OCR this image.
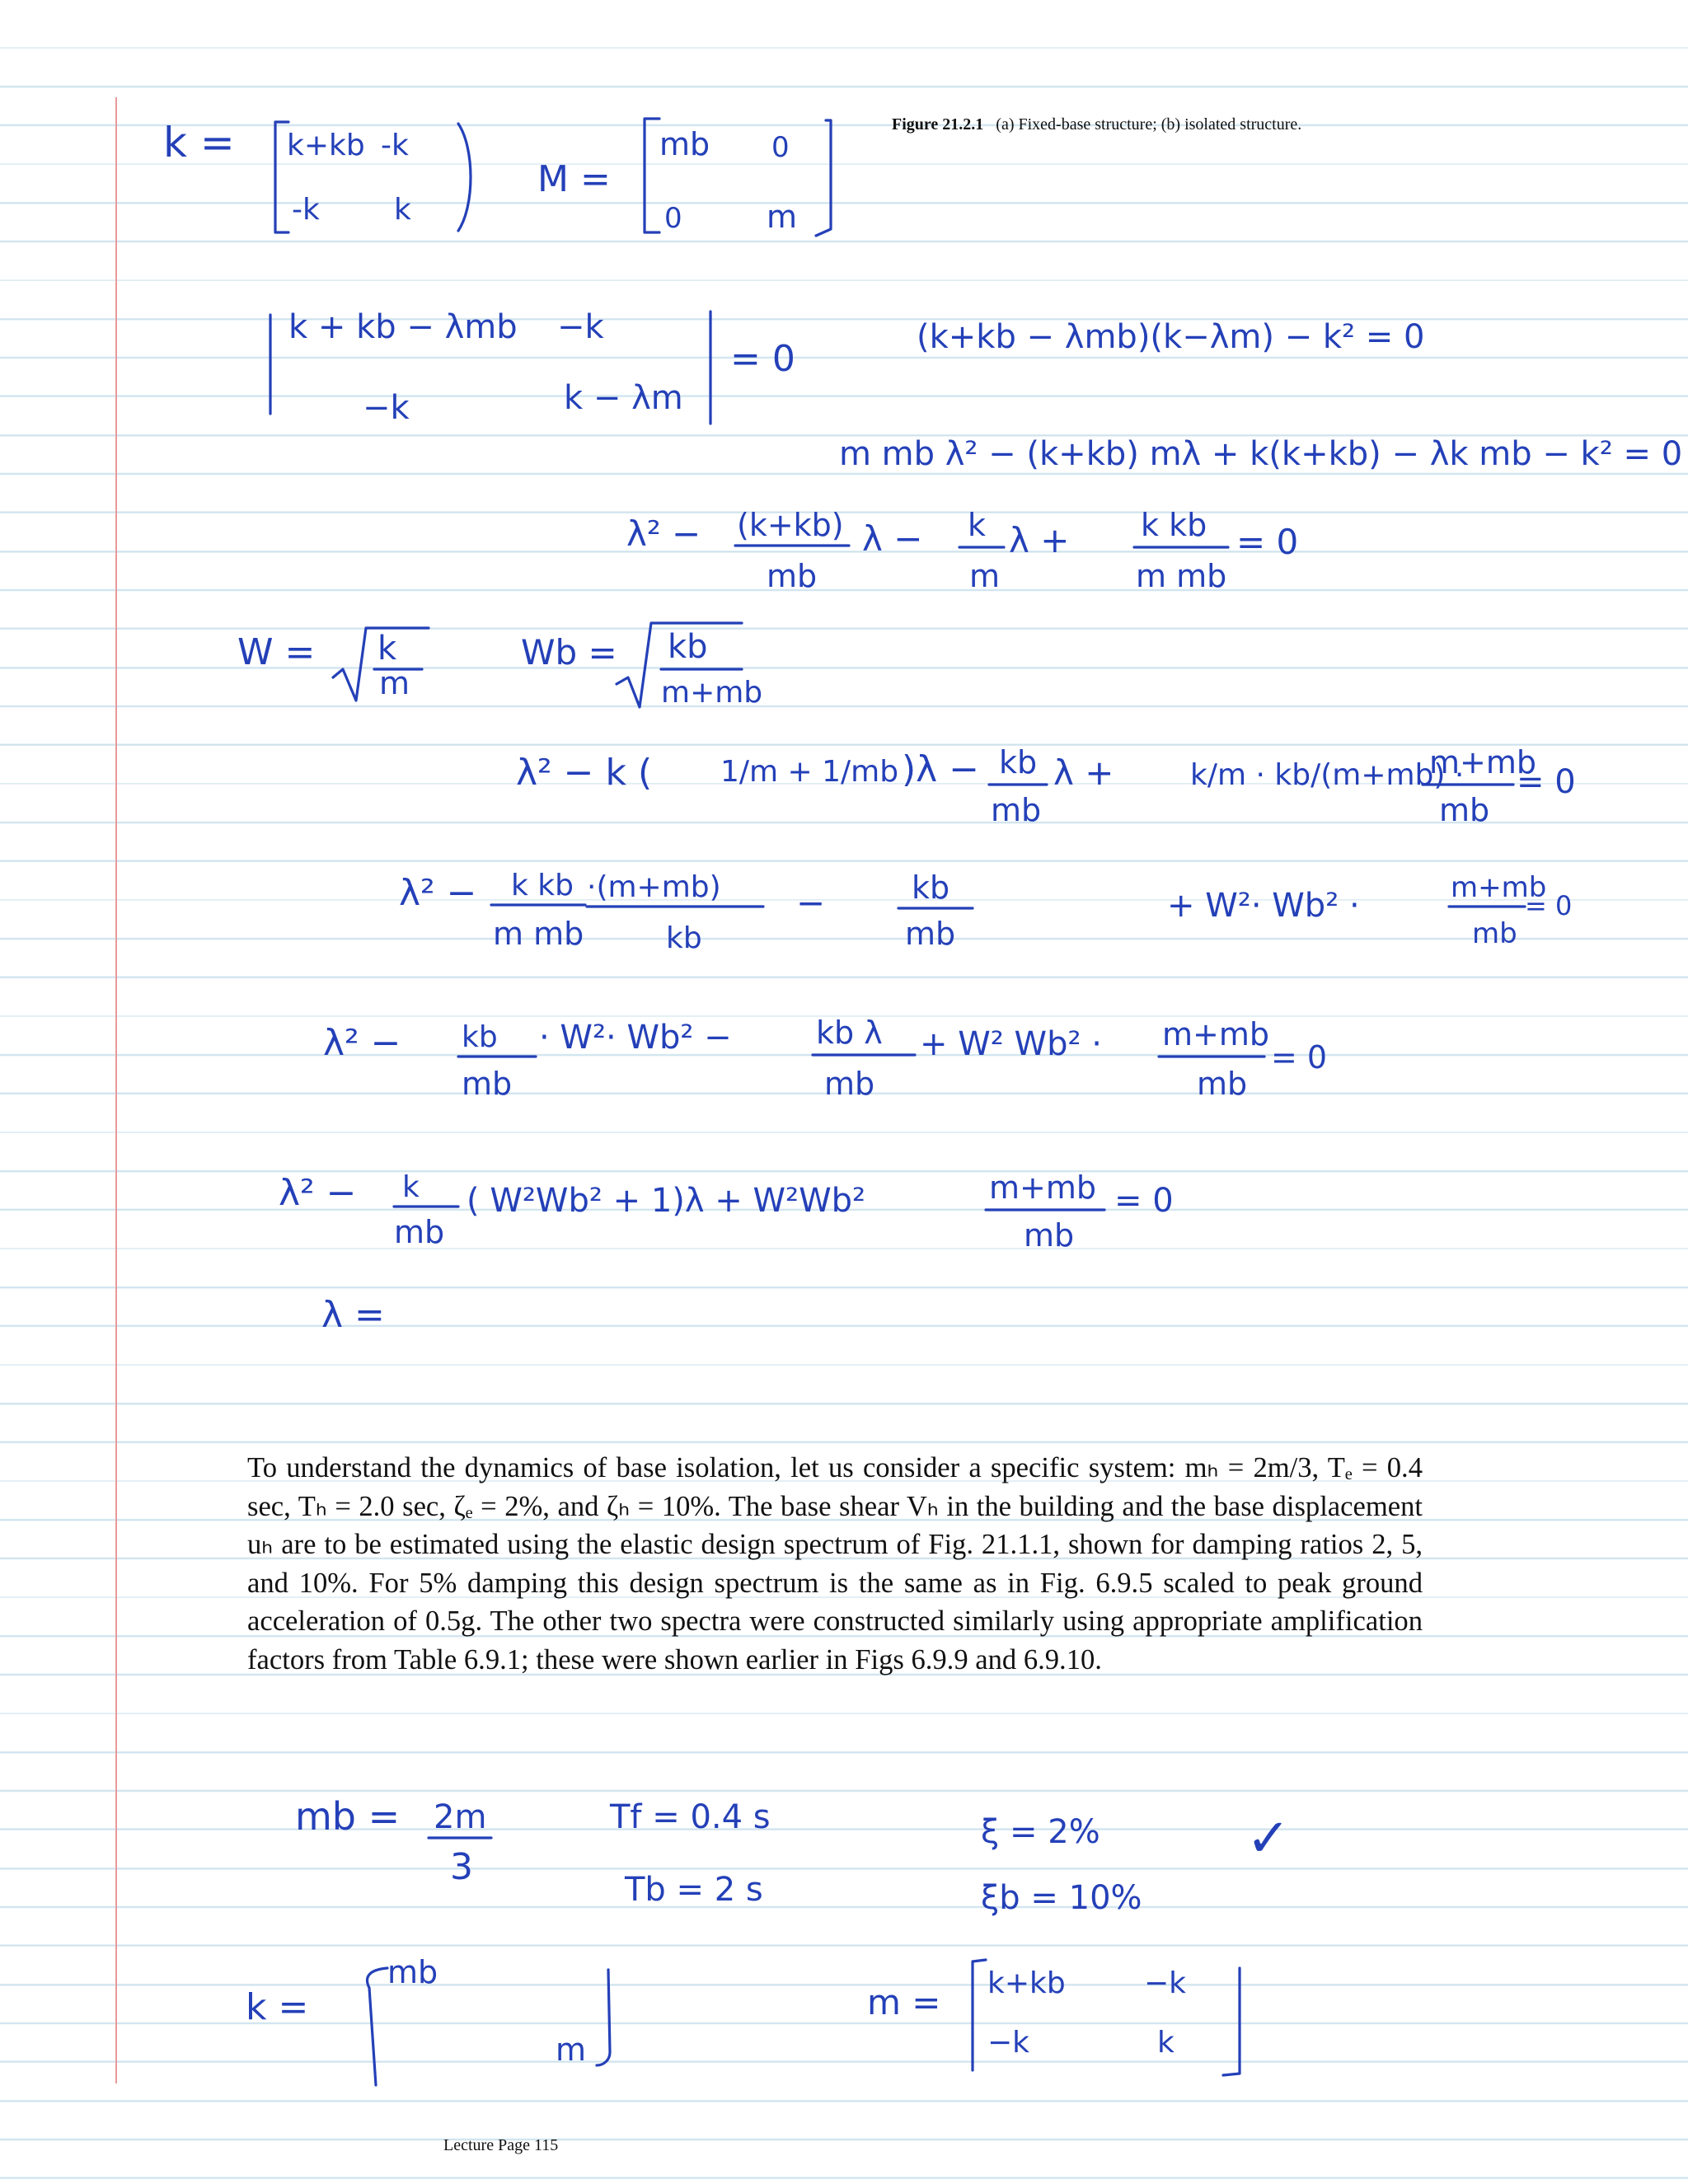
Figure 21.2.1 (a) Fixed-base structure; (b) isolated structure.
k = k+kb -k
-k	k
M =
mb 0
0	m
k + kb − λmb −k
−k	k − λm
= 0
(k+kb − λmb)(k−λm) − k² = 0
m mb λ² − (k+kb) mλ + k(k+kb) − λk mb − k² = 0
λ² − (k+kb)
mb
λ − k
m
λ + k kb
m mb
= 0
W = k
m
Wb = kb
m+mb
λ² − k ( 1/m + 1/mb )λ − kb
mb
λ +	k/m · kb/(m+mb) ·
m+mb
mb
= 0
λ² − k kb
m mb
·(m+mb)
kb
−	kb
mb
+ W²· Wb² ·	m+mb
mb
= 0
λ² − kb
mb
· W²· Wb² −	kb λ
mb
+ W² Wb² · m+mb
mb
= 0
λ² − k
mb
( W²Wb² + 1)λ + W²Wb²	m+mb
mb
= 0
λ =
mb = 2m
3
Tf = 0.4 s
Tb = 2 s
ξ = 2%
ξb = 10%
✓
k =
mb
m
m = k+kb	−k
−k	k

To understand the dynamics of base isolation, let us consider a specific system: mₕ = 2m/3, Tₑ = 0.4 sec, Tₕ = 2.0 sec, ζₑ = 2%, and ζₕ = 10%. The base shear Vₕ in the building and the base displacement uₕ are to be estimated using the elastic design spectrum of Fig. 21.1.1, shown for damping ratios 2, 5, and 10%. For 5% damping this design spectrum is the same as in Fig. 6.9.5 scaled to peak ground acceleration of 0.5g. The other two spectra were constructed similarly using appropriate amplification factors from Table 6.9.1; these were shown earlier in Figs 6.9.9 and 6.9.10.

Lecture Page 115
